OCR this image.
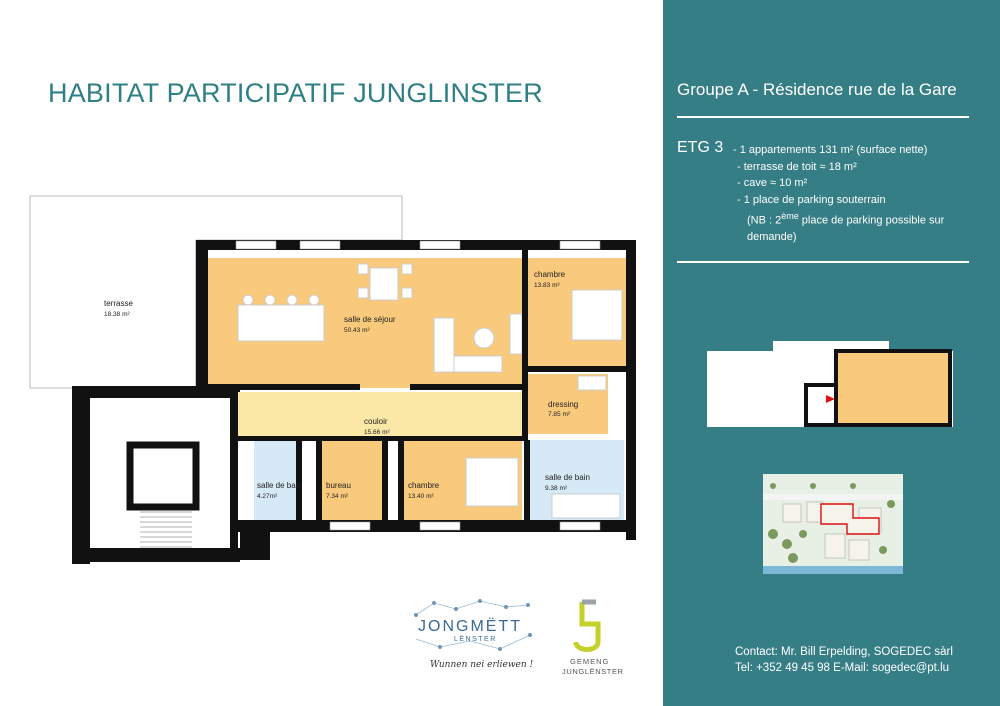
HABITAT PARTICIPATIF JUNGLINSTER
terrasse
18.38 m²
salle de séjour
50.43 m²
chambre
13.83 m²
dressing
7.85 m²
couloir
15.66 m²
salle de bain
4.27m²
bureau
7.34 m²
chambre
13.40 m²
salle de bain
9.38 m²
JONGMËTT
LËNSTER
Wunnen nei erliewen !	GEMENG
JUNGLËNSTER
Groupe A - Résidence rue de la Gare
ETG 3 - 1 appartements 131 m² (surface nette)
- terrasse de toit ≈ 18 m²
- cave ≈ 10 m²
- 1 place de parking souterrain
(NB : 2ème place de parking possible sur
demande)
Contact: Mr. Bill Erpelding, SOGEDEC sàrl
Tel: +352 49 45 98 E-Mail: sogedec@pt.lu
